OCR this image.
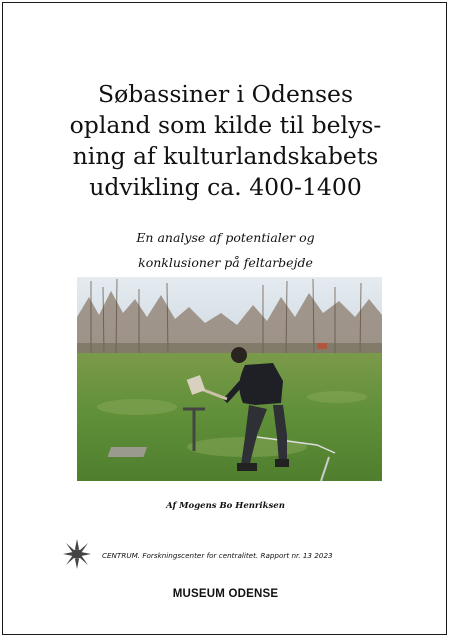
Søbassiner i Odenses
opland som kilde til belys-
ning af kulturlandskabets
udvikling ca. 400-1400
En analyse af potentialer og
konklusioner på feltarbejde
Af Mogens Bo Henriksen
CENTRUM. Forskningscenter for centralitet. Rapport nr. 13 2023
MUSEUM ODENSE
